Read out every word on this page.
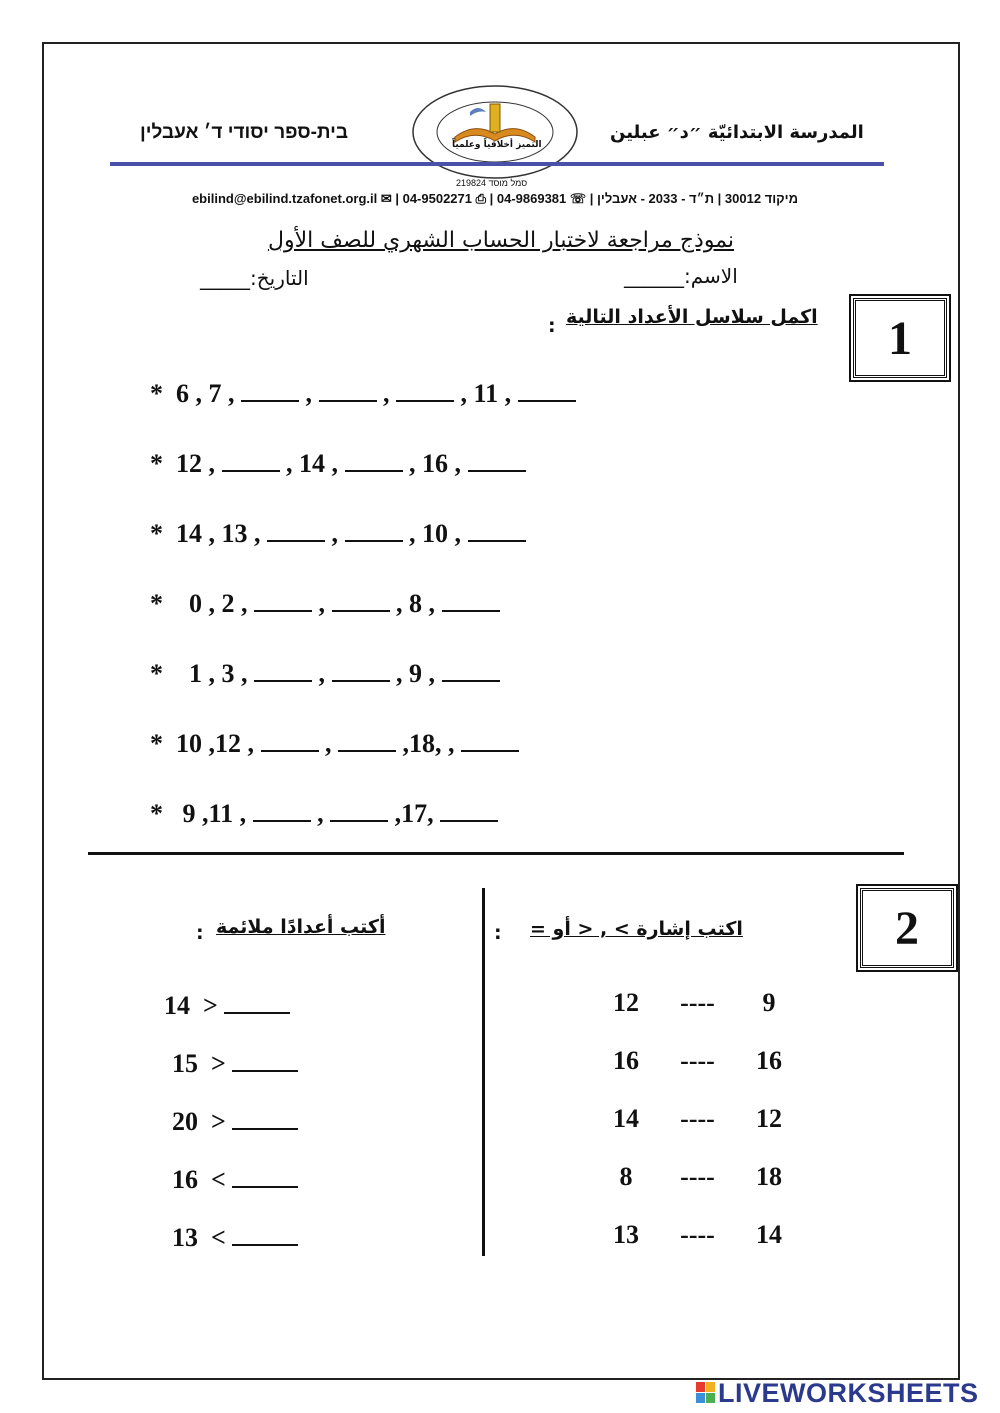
בית-ספר יסודי ד׳ אעבלין	المدرسة الابتدائيّة ״د״ عبلين
التميز أخلاقياً وعلمياً
סמל מוסד 219824
ebilind@ebilind.tzafonet.org.il ✉ | 04-9502271 ⎙ | 04-9869381 ☏ | מיקוד 30012 | ת״ד - 2033 - אעבלין
نموذج مراجعة لاختبار الحساب الشهري للصف الأول
الاسم:______
التاريخ:_____
1
اكمل سلاسل الأعداد التالية
:
* 6 , 7 ,	,	,	, 11 ,
* 12 ,	, 14 ,	, 16 ,
* 14 , 13 ,	,	, 10 ,
* 0 , 2 ,	,	, 8 ,
* 1 , 3 ,	,	, 9 ,
* 10 ,12 ,	,	,18, ,
* 9 ,11 ,	,	,17,
2
اكتب إشارة > , < أو =
:
أكتب أعدادًا ملائمة
:
12 ---- 9
16 ---- 16
14 ---- 12
8 ---- 18
13 ---- 14
14 >
15 >
20 >
16 <
13 <
LIVEWORKSHEETS
